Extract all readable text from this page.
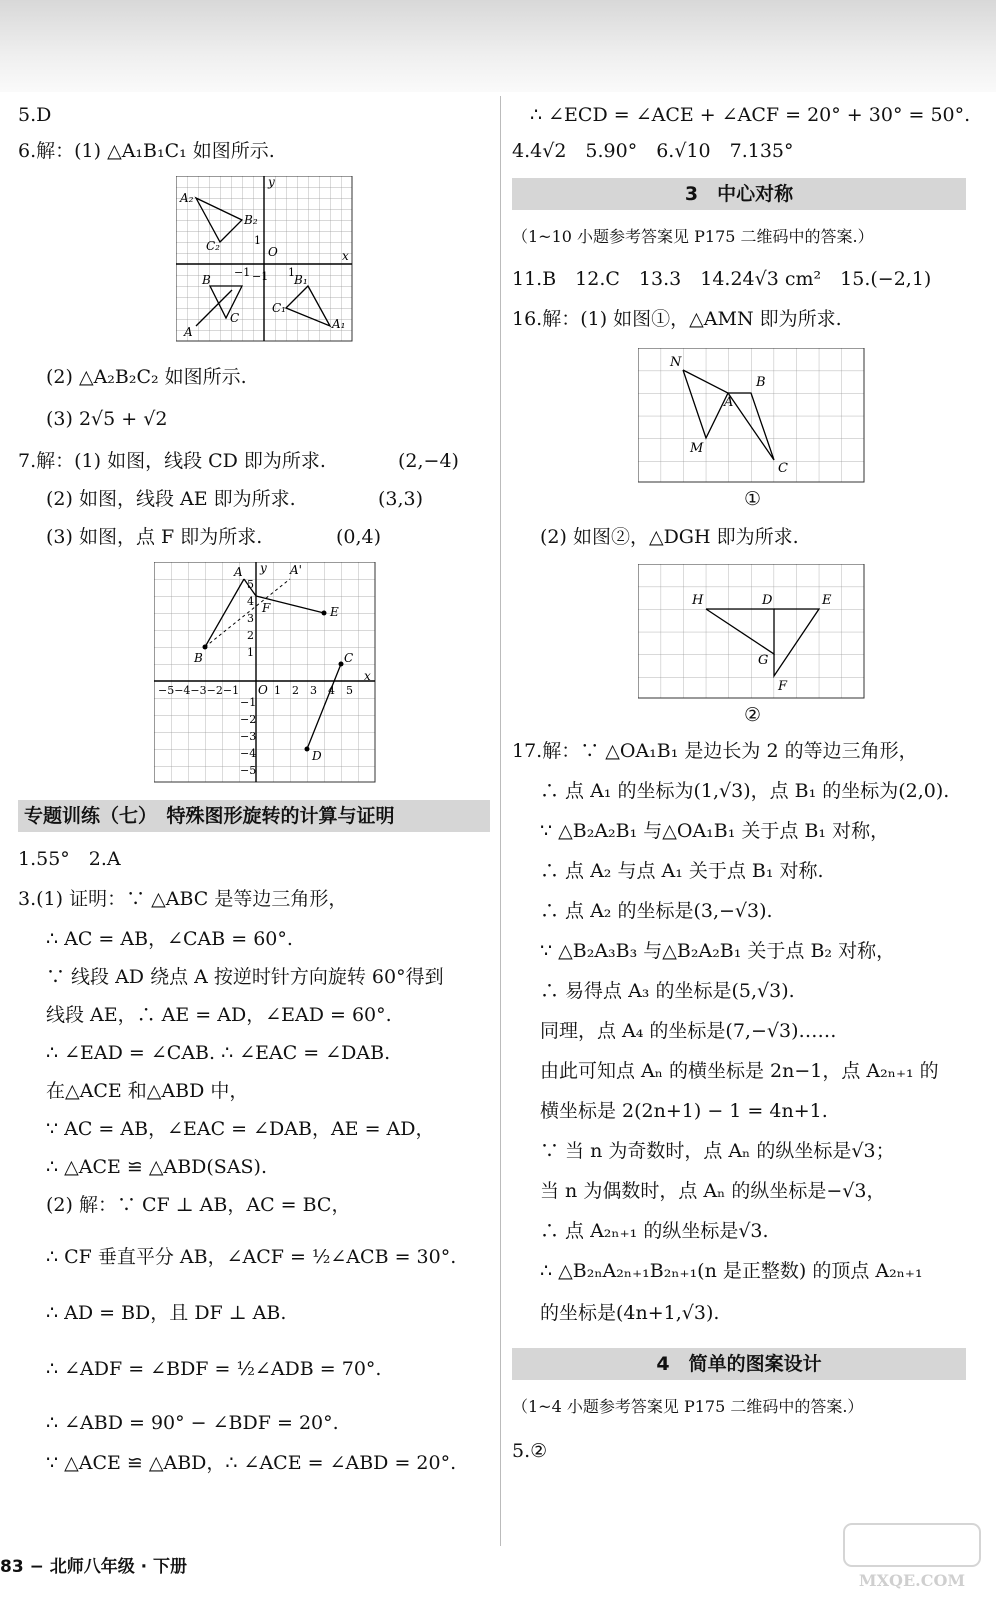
5.D
6.解：(1) △A₁B₁C₁ 如图所示.
A₂
B₂
C₂
B
C
A
B₁
C₁
A₁
O	x
y
1
−1
1
−1
(2) △A₂B₂C₂ 如图所示.
(3) 2√5 + √2
7.解：(1) 如图，线段 CD 即为所求.	(2,−4)
(2) 如图，线段 AE 即为所求.	(3,3)
(3) 如图，点 F 即为所求.	(0,4)
A	A'
B
E
C
D
F
O
y
x
−5−4−3−2−1	1　2　3　4　5
5
4
3
2
1
−1
−2
−3
−4
−5
专题训练（七）　特殊图形旋转的计算与证明
1.55°　2.A
3.(1) 证明：∵ △ABC 是等边三角形，
∴ AC = AB，∠CAB = 60°.
∵ 线段 AD 绕点 A 按逆时针方向旋转 60°得到
线段 AE，∴ AE = AD，∠EAD = 60°.
∴ ∠EAD = ∠CAB. ∴ ∠EAC = ∠DAB.
在△ACE 和△ABD 中，
∵ AC = AB，∠EAC = ∠DAB，AE = AD，
∴ △ACE ≌ △ABD(SAS).
(2) 解：∵ CF ⊥ AB，AC = BC，
∴ CF 垂直平分 AB，∠ACF = ½∠ACB = 30°.
∴ AD = BD，且 DF ⊥ AB.
∴ ∠ADF = ∠BDF = ½∠ADB = 70°.
∴ ∠ABD = 90° − ∠BDF = 20°.
∵ △ACE ≌ △ABD，∴ ∠ACE = ∠ABD = 20°.
∴ ∠ECD = ∠ACE + ∠ACF = 20° + 30° = 50°.
4.4√2　5.90°　6.√10　7.135°
3　中心对称
（1~10 小题参考答案见 P175 二维码中的答案.）
11.B　12.C　13.3　14.24√3 cm²　15.(−2,1)
16.解：(1) 如图①，△AMN 即为所求.
N
M
A
B
C
①
(2) 如图②，△DGH 即为所求.
H	D	E
G
F
②
17.解：∵ △OA₁B₁ 是边长为 2 的等边三角形，
∴ 点 A₁ 的坐标为(1,√3)，点 B₁ 的坐标为(2,0).
∵ △B₂A₂B₁ 与△OA₁B₁ 关于点 B₁ 对称，
∴ 点 A₂ 与点 A₁ 关于点 B₁ 对称.
∴ 点 A₂ 的坐标是(3,−√3).
∵ △B₂A₃B₃ 与△B₂A₂B₁ 关于点 B₂ 对称，
∴ 易得点 A₃ 的坐标是(5,√3).
同理，点 A₄ 的坐标是(7,−√3)……
由此可知点 Aₙ 的横坐标是 2n−1，点 A₂ₙ₊₁ 的
横坐标是 2(2n+1) − 1 = 4n+1.
∵ 当 n 为奇数时，点 Aₙ 的纵坐标是√3；
当 n 为偶数时，点 Aₙ 的纵坐标是−√3，
∴ 点 A₂ₙ₊₁ 的纵坐标是√3.
∴ △B₂ₙA₂ₙ₊₁B₂ₙ₊₁(n 是正整数) 的顶点 A₂ₙ₊₁
的坐标是(4n+1,√3).
4　简单的图案设计
（1~4 小题参考答案见 P175 二维码中的答案.）
5.②
83 − 北师八年级 · 下册
MXQE.COM
